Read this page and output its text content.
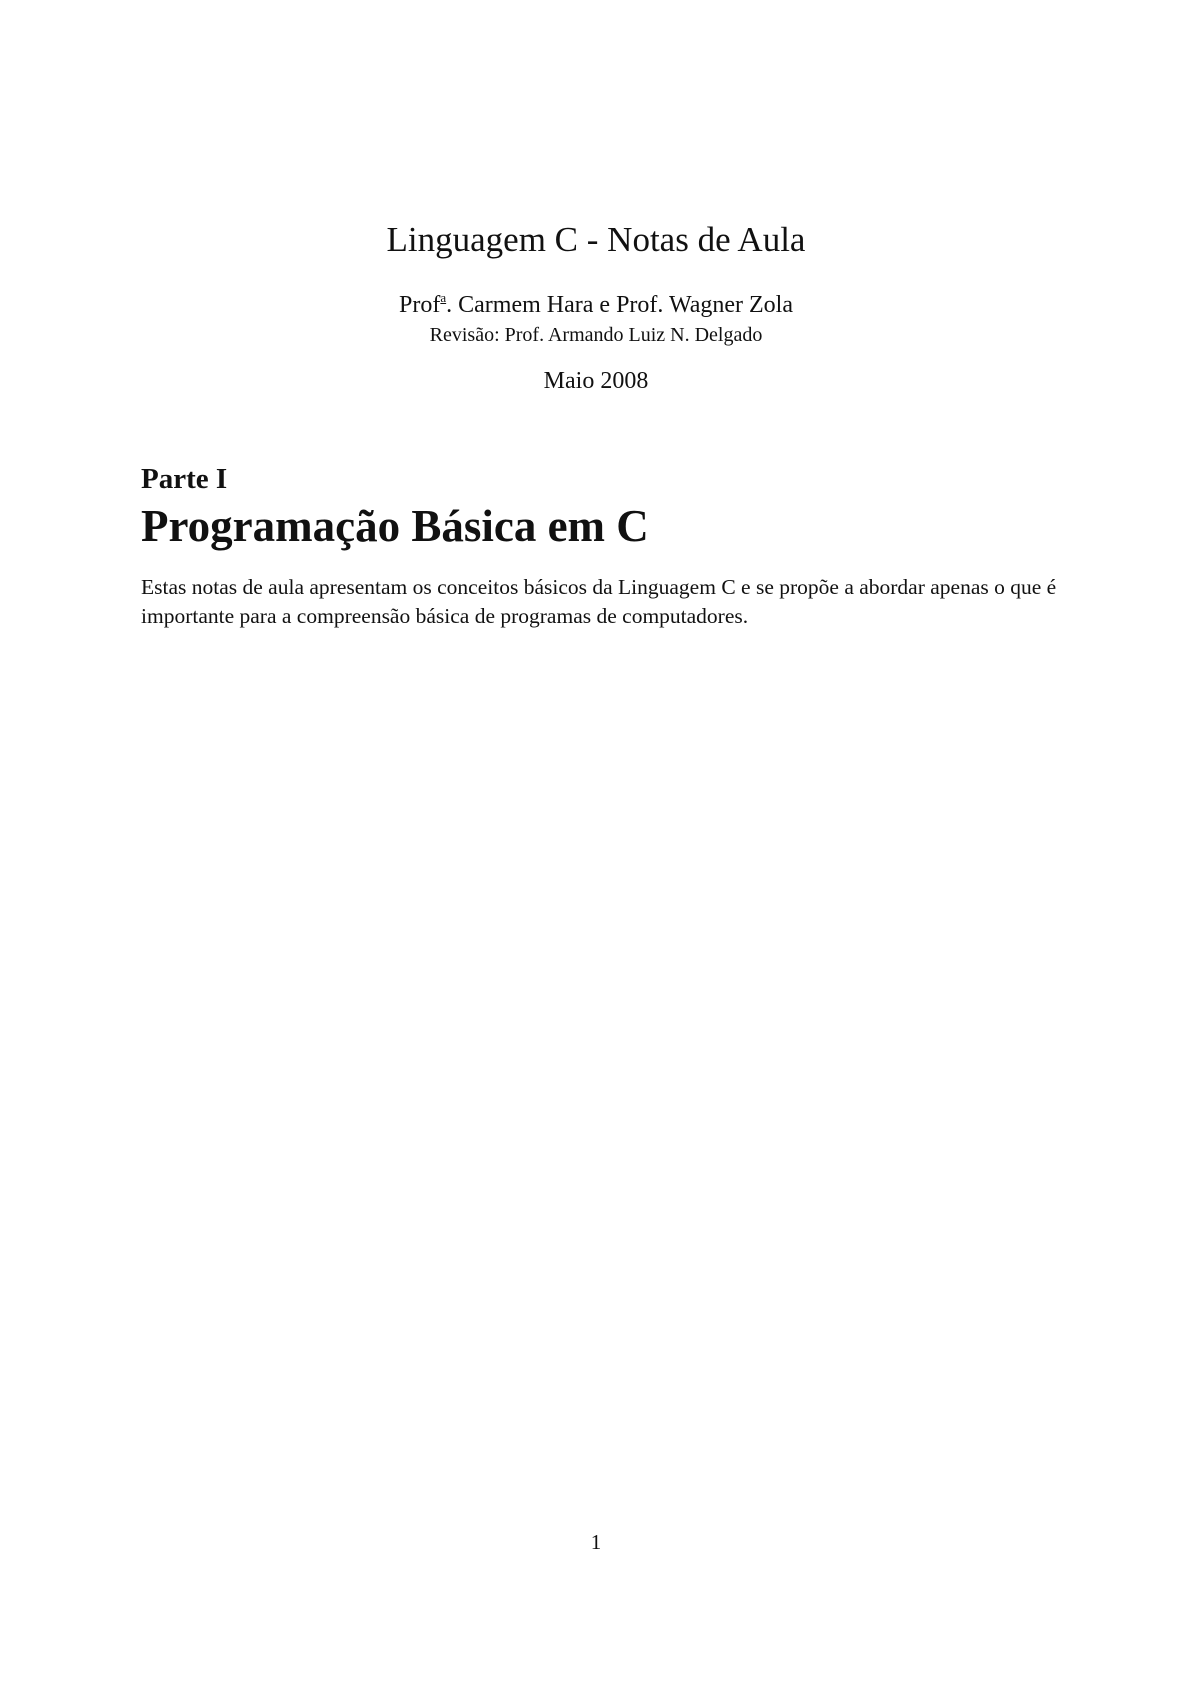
Linguagem C - Notas de Aula
Prof$^a$. Carmem Hara e Prof. Wagner Zola
Revisão: Prof. Armando Luiz N. Delgado
Maio 2008
Parte I
Programação Básica em C

Estas notas de aula apresentam os conceitos básicos da Linguagem C e se propõe a abordar apenas o que é importante para a compreensão básica de programas de computadores.

1
